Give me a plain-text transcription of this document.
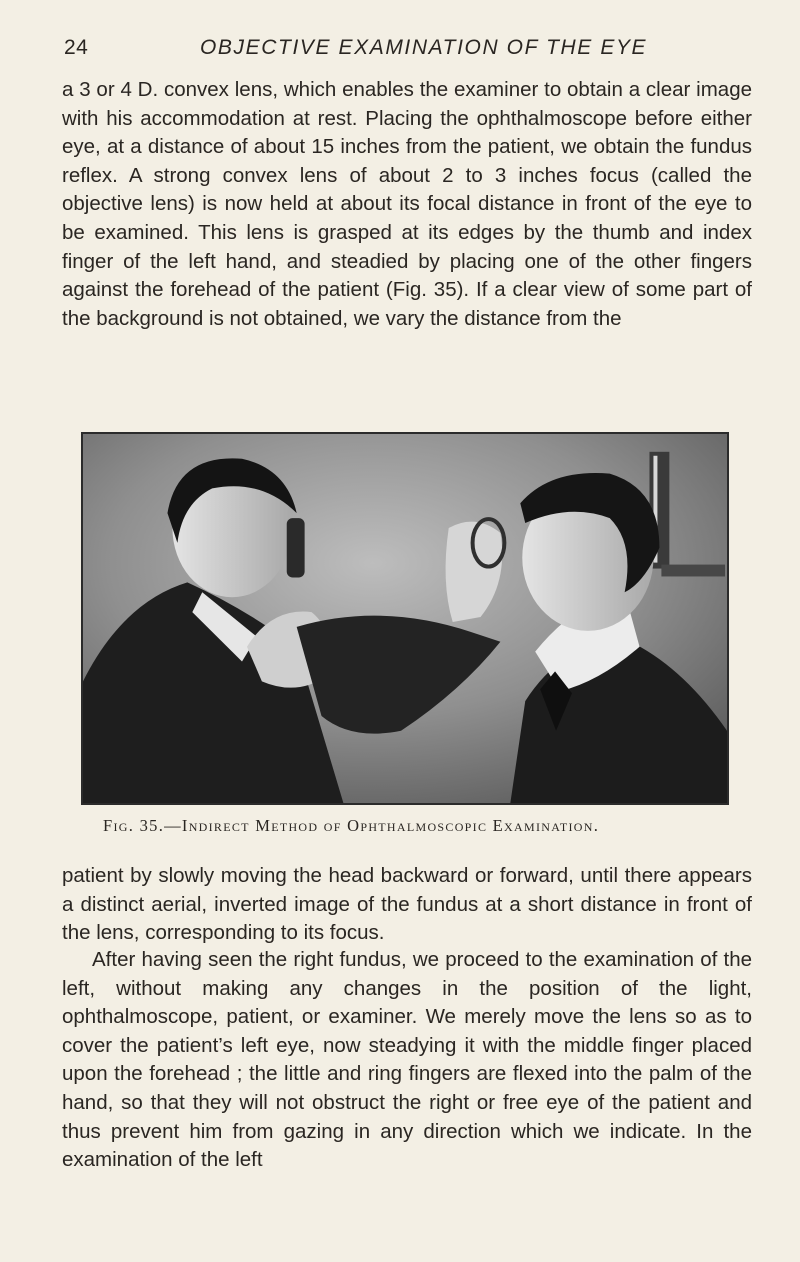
24	OBJECTIVE EXAMINATION OF THE EYE

a 3 or 4 D. convex lens, which enables the examiner to obtain a clear image with his accommodation at rest. Placing the ophthalmoscope before either eye, at a distance of about 15 inches from the patient, we obtain the fundus reflex. A strong convex lens of about 2 to 3 inches focus (called the objective lens) is now held at about its focal distance in front of the eye to be examined. This lens is grasped at its edges by the thumb and index finger of the left hand, and steadied by placing one of the other fingers against the forehead of the patient (Fig. 35). If a clear view of some part of the background is not obtained, we vary the distance from the

Fig. 35.—Indirect Method of Ophthalmoscopic Examination.

patient by slowly moving the head backward or forward, until there appears a distinct aerial, inverted image of the fundus at a short distance in front of the lens, corresponding to its focus.

After having seen the right fundus, we proceed to the examination of the left, without making any changes in the position of the light, ophthalmoscope, patient, or examiner. We merely move the lens so as to cover the patient’s left eye, now steadying it with the middle finger placed upon the forehead ; the little and ring fingers are flexed into the palm of the hand, so that they will not obstruct the right or free eye of the patient and thus prevent him from gazing in any direction which we indicate. In the examination of the left
